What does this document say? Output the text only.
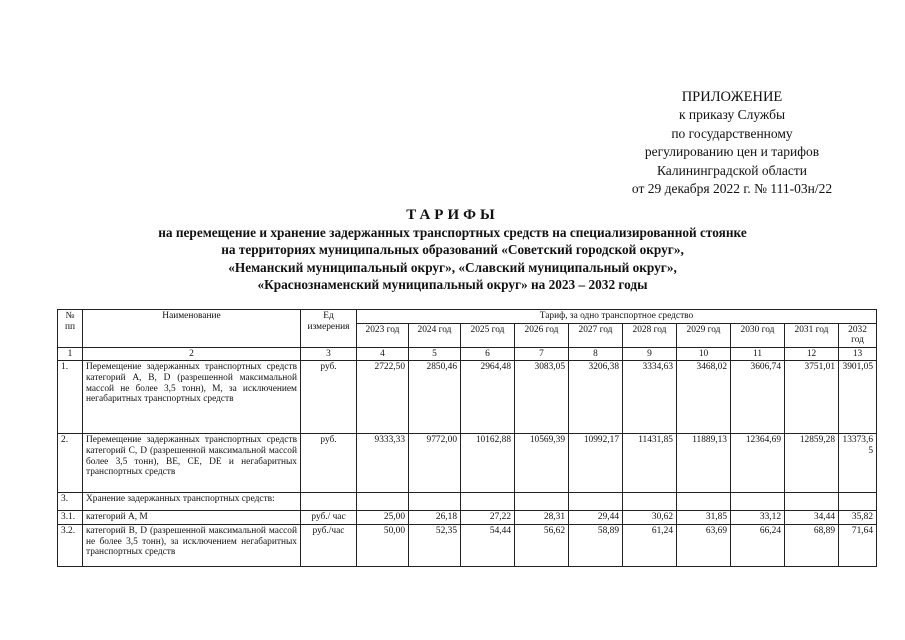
ПРИЛОЖЕНИЕ
к приказу Службы
по государственному
регулированию цен и тарифов
Калининградской области
от 29 декабря 2022 г. № 111-03н/22
ТАРИФЫ
на перемещение и хранение задержанных транспортных средств на специализированной стоянке
на территориях муниципальных образований «Советский городской округ»,
«Неманский муниципальный округ», «Славский муниципальный округ»,
«Краснознаменский муниципальный округ» на 2023 – 2032 годы
№ пп	Наименование	Ед измерения	Тариф, за одно транспортное средство									
			2023 год	2024 год	2025 год	2026 год	2027 год	2028 год	2029 год	2030 год	2031 год	2032 год
1	2	3	4	5	6	7	8	9	10	11	12	13
1.	Перемещение задержанных транспортных средств категорий A, B, D (разрешенной максимальной массой не более 3,5 тонн), M, за исключением негабаритных транспортных средств	руб.	2722,50	2850,46	2964,48	3083,05	3206,38	3334,63	3468,02	3606,74	3751,01	3901,05
2.	Перемещение задержанных транспортных средств категорий C, D (разрешенной максимальной массой более 3,5 тонн), BE, CE, DE и негабаритных транспортных средств	руб.	9333,33	9772,00	10162,88	10569,39	10992,17	11431,85	11889,13	12364,69	12859,28	13373,65
3.	Хранение задержанных транспортных средств:											
3.1.	категорий A, M	руб./ час	25,00	26,18	27,22	28,31	29,44	30,62	31,85	33,12	34,44	35,82
3.2.	категорий B, D (разрешенной максимальной массой не более 3,5 тонн), за исключением негабаритных транспортных средств	руб./час	50,00	52,35	54,44	56,62	58,89	61,24	63,69	66,24	68,89	71,64
